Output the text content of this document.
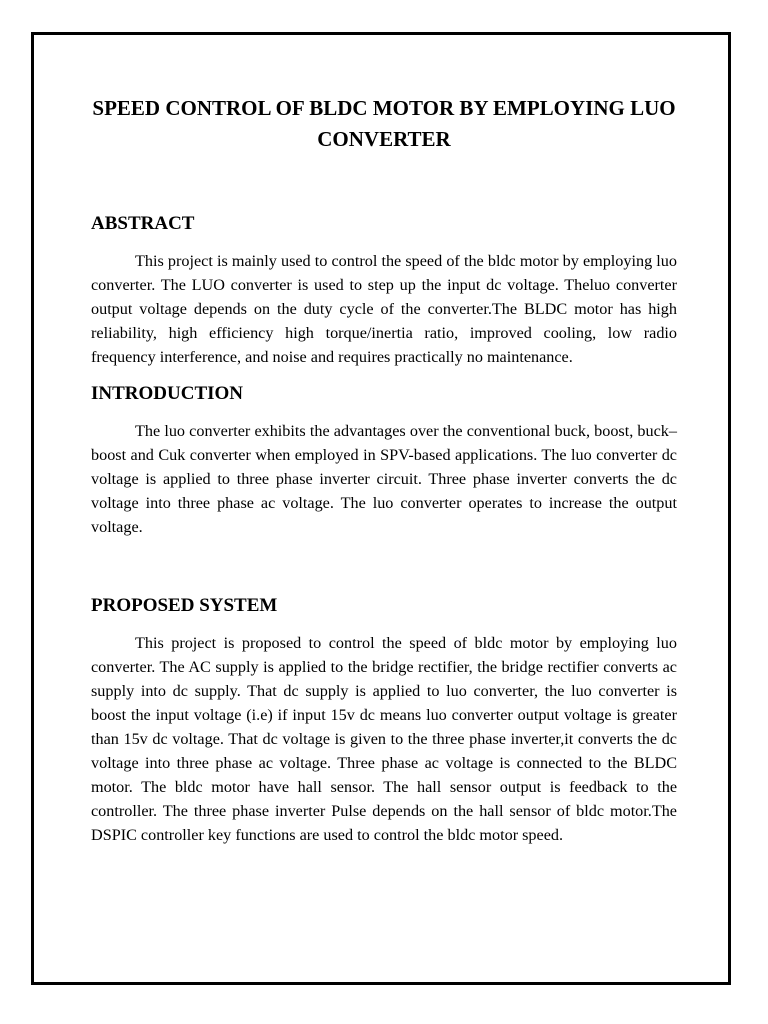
SPEED CONTROL OF BLDC MOTOR BY EMPLOYING LUO CONVERTER
ABSTRACT

This project is mainly used to control the speed of the bldc motor by employing luo converter. The LUO converter is used to step up the input dc voltage. Theluo converter output voltage depends on the duty cycle of the converter.The BLDC motor has high reliability, high efficiency high torque/inertia ratio, improved cooling, low radio frequency interference, and noise and requires practically no maintenance.

INTRODUCTION

The luo converter exhibits the advantages over the conventional buck, boost, buck–boost and Cuk converter when employed in SPV-based applications. The luo converter dc voltage is applied to three phase inverter circuit. Three phase inverter converts the dc voltage into three phase ac voltage. The luo converter operates to increase the output voltage.

PROPOSED SYSTEM

This project is proposed to control the speed of bldc motor by employing luo converter. The AC supply is applied to the bridge rectifier, the bridge rectifier converts ac supply into dc supply. That dc supply is applied to luo converter, the luo converter is boost the input voltage (i.e) if input 15v dc means luo converter output voltage is greater than 15v dc voltage. That dc voltage is given to the three phase inverter,it converts the dc voltage into three phase ac voltage. Three phase ac voltage is connected to the BLDC motor. The bldc motor have hall sensor. The hall sensor output is feedback to the controller. The three phase inverter Pulse depends on the hall sensor of bldc motor.The DSPIC controller key functions are used to control the bldc motor speed.
